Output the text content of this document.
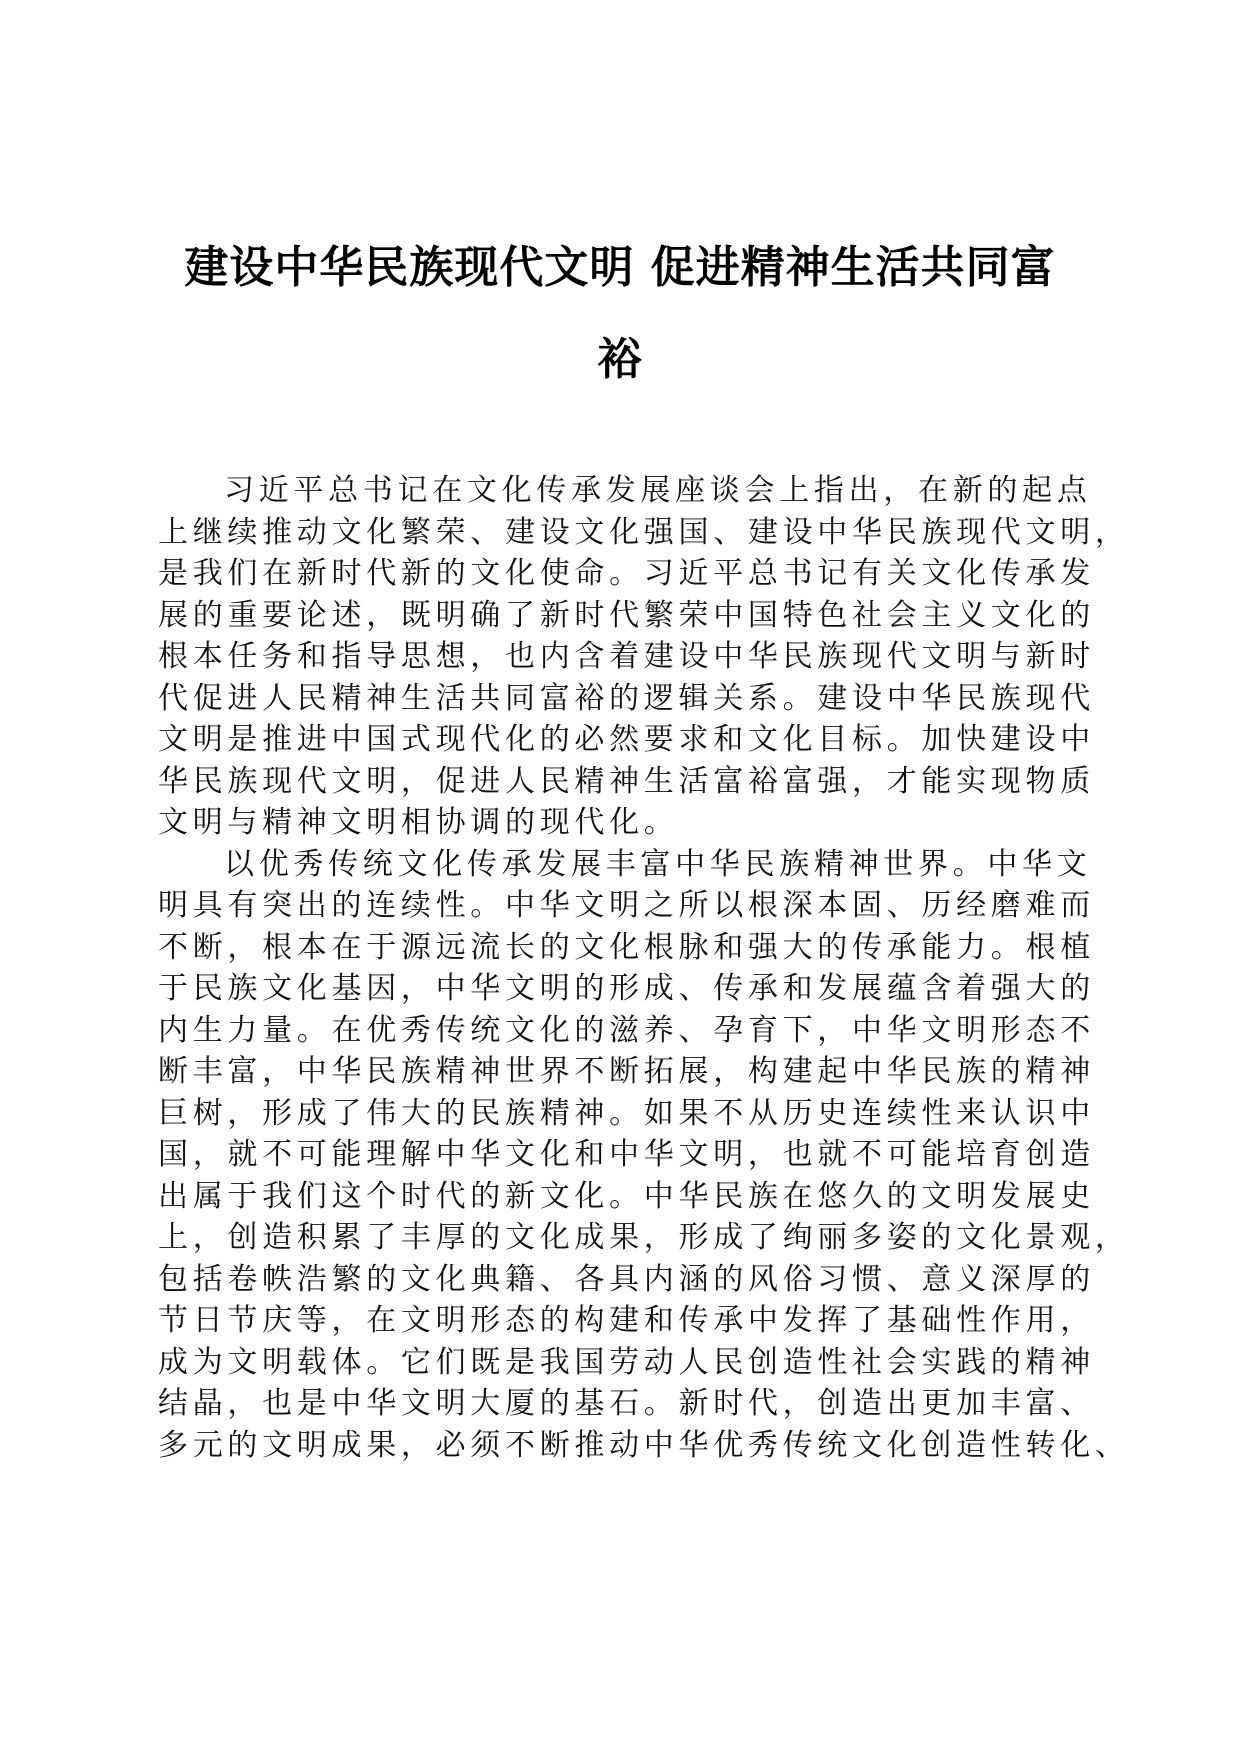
建设中华民族现代文明 促进精神生活共同富
裕

习近平总书记在文化传承发展座谈会上指出，在新的起点
上继续推动文化繁荣、建设文化强国、建设中华民族现代文明，
是我们在新时代新的文化使命。习近平总书记有关文化传承发
展的重要论述，既明确了新时代繁荣中国特色社会主义文化的
根本任务和指导思想，也内含着建设中华民族现代文明与新时
代促进人民精神生活共同富裕的逻辑关系。建设中华民族现代
文明是推进中国式现代化的必然要求和文化目标。加快建设中
华民族现代文明，促进人民精神生活富裕富强，才能实现物质
文明与精神文明相协调的现代化。

以优秀传统文化传承发展丰富中华民族精神世界。中华文
明具有突出的连续性。中华文明之所以根深本固、历经磨难而
不断，根本在于源远流长的文化根脉和强大的传承能力。根植
于民族文化基因，中华文明的形成、传承和发展蕴含着强大的
内生力量。在优秀传统文化的滋养、孕育下，中华文明形态不
断丰富，中华民族精神世界不断拓展，构建起中华民族的精神
巨树，形成了伟大的民族精神。如果不从历史连续性来认识中
国，就不可能理解中华文化和中华文明，也就不可能培育创造
出属于我们这个时代的新文化。中华民族在悠久的文明发展史
上，创造积累了丰厚的文化成果，形成了绚丽多姿的文化景观，
包括卷帙浩繁的文化典籍、各具内涵的风俗习惯、意义深厚的
节日节庆等，在文明形态的构建和传承中发挥了基础性作用，
成为文明载体。它们既是我国劳动人民创造性社会实践的精神
结晶，也是中华文明大厦的基石。新时代，创造出更加丰富、
多元的文明成果，必须不断推动中华优秀传统文化创造性转化、
